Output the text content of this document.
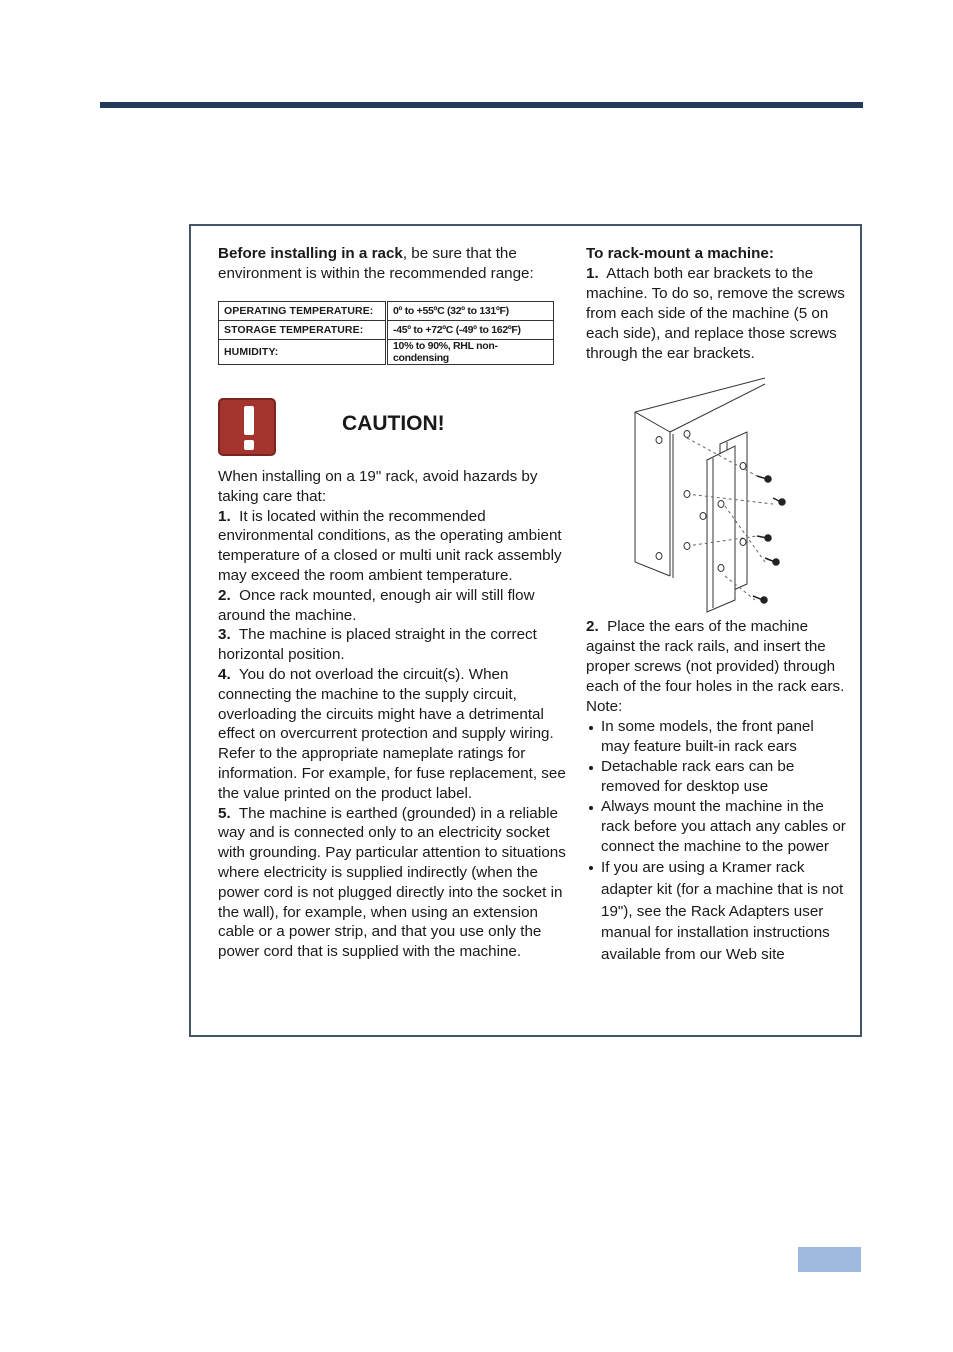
Before installing in a rack, be sure that the environment is within the recommended range:

OPERATING TEMPERATURE:		0º to +55ºC (32º to 131ºF)
STORAGE TEMPERATURE:		-45º to +72ºC (-49º to 162ºF)
HUMIDITY:		10% to 90%, RHL non-condensing
CAUTION!

When installing on a 19" rack, avoid hazards by taking care that:

1. It is located within the recommended environmental conditions, as the operating ambient temperature of a closed or multi unit rack assembly may exceed the room ambient temperature.

2. Once rack mounted, enough air will still flow around the machine.

3. The machine is placed straight in the correct horizontal position.

4. You do not overload the circuit(s). When connecting the machine to the supply circuit, overloading the circuits might have a detrimental effect on overcurrent protection and supply wiring. Refer to the appropriate nameplate ratings for information. For example, for fuse replacement, see the value printed on the product label.

5. The machine is earthed (grounded) in a reliable way and is connected only to an electricity socket with grounding. Pay particular attention to situations where electricity is supplied indirectly (when the power cord is not plugged directly into the socket in the wall), for example, when using an extension cable or a power strip, and that you use only the power cord that is supplied with the machine.

To rack-mount a machine:

1. Attach both ear brackets to the machine. To do so, remove the screws from each side of the machine (5 on each side), and replace those screws through the ear brackets.

2. Place the ears of the machine against the rack rails, and insert the proper screws (not provided) through each of the four holes in the rack ears.

Note:

In some models, the front panel may feature built-in rack ears
Detachable rack ears can be removed for desktop use
Always mount the machine in the rack before you attach any cables or connect the machine to the power
If you are using a Kramer rack adapter kit (for a machine that is not 19"), see the Rack Adapters user manual for installation instructions available from our Web site
